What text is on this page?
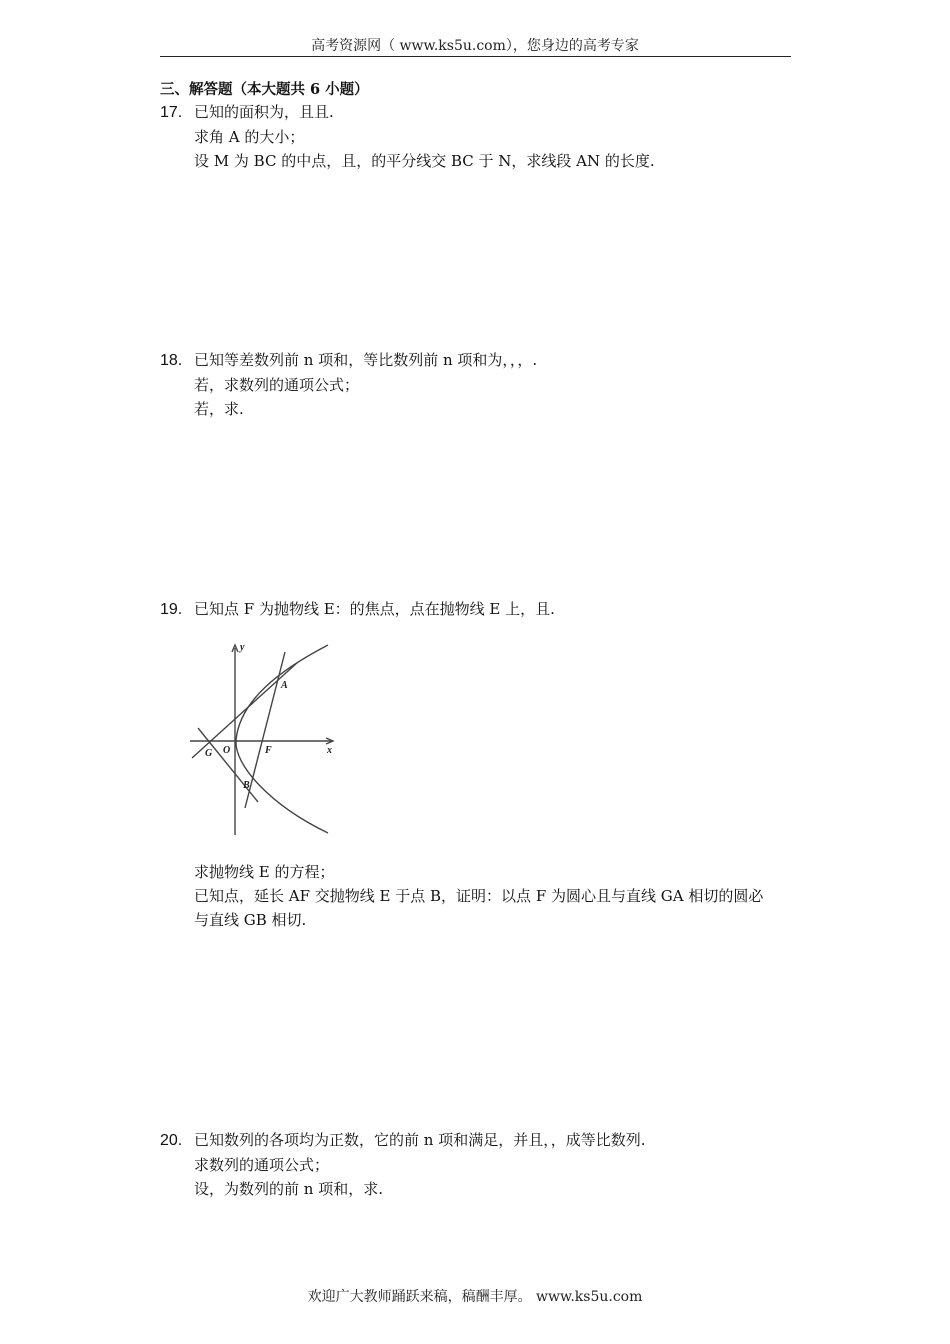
高考资源网（ www.ks5u.com），您身边的高考专家
三、解答题（本大题共 6 小题）
17. 已知的面积为，且且.
求角 A 的大小；
设 M 为 BC 的中点，且，的平分线交 BC 于 N，求线段 AN 的长度.
18. 已知等差数列前 n 项和，等比数列前 n 项和为，，，.
若，求数列的通项公式；
若，求.
19. 已知点 F 为抛物线 E：的焦点，点在抛物线 E 上，且.
y
x
A
B
O	F
G
求抛物线 E 的方程；
已知点，延长 AF 交抛物线 E 于点 B，证明：以点 F 为圆心且与直线 GA 相切的圆必
与直线 GB 相切.
20. 已知数列的各项均为正数，它的前 n 项和满足，并且，，成等比数列.
求数列的通项公式；
设，为数列的前 n 项和，求.
欢迎广大教师踊跃来稿，稿酬丰厚。 www.ks5u.com
